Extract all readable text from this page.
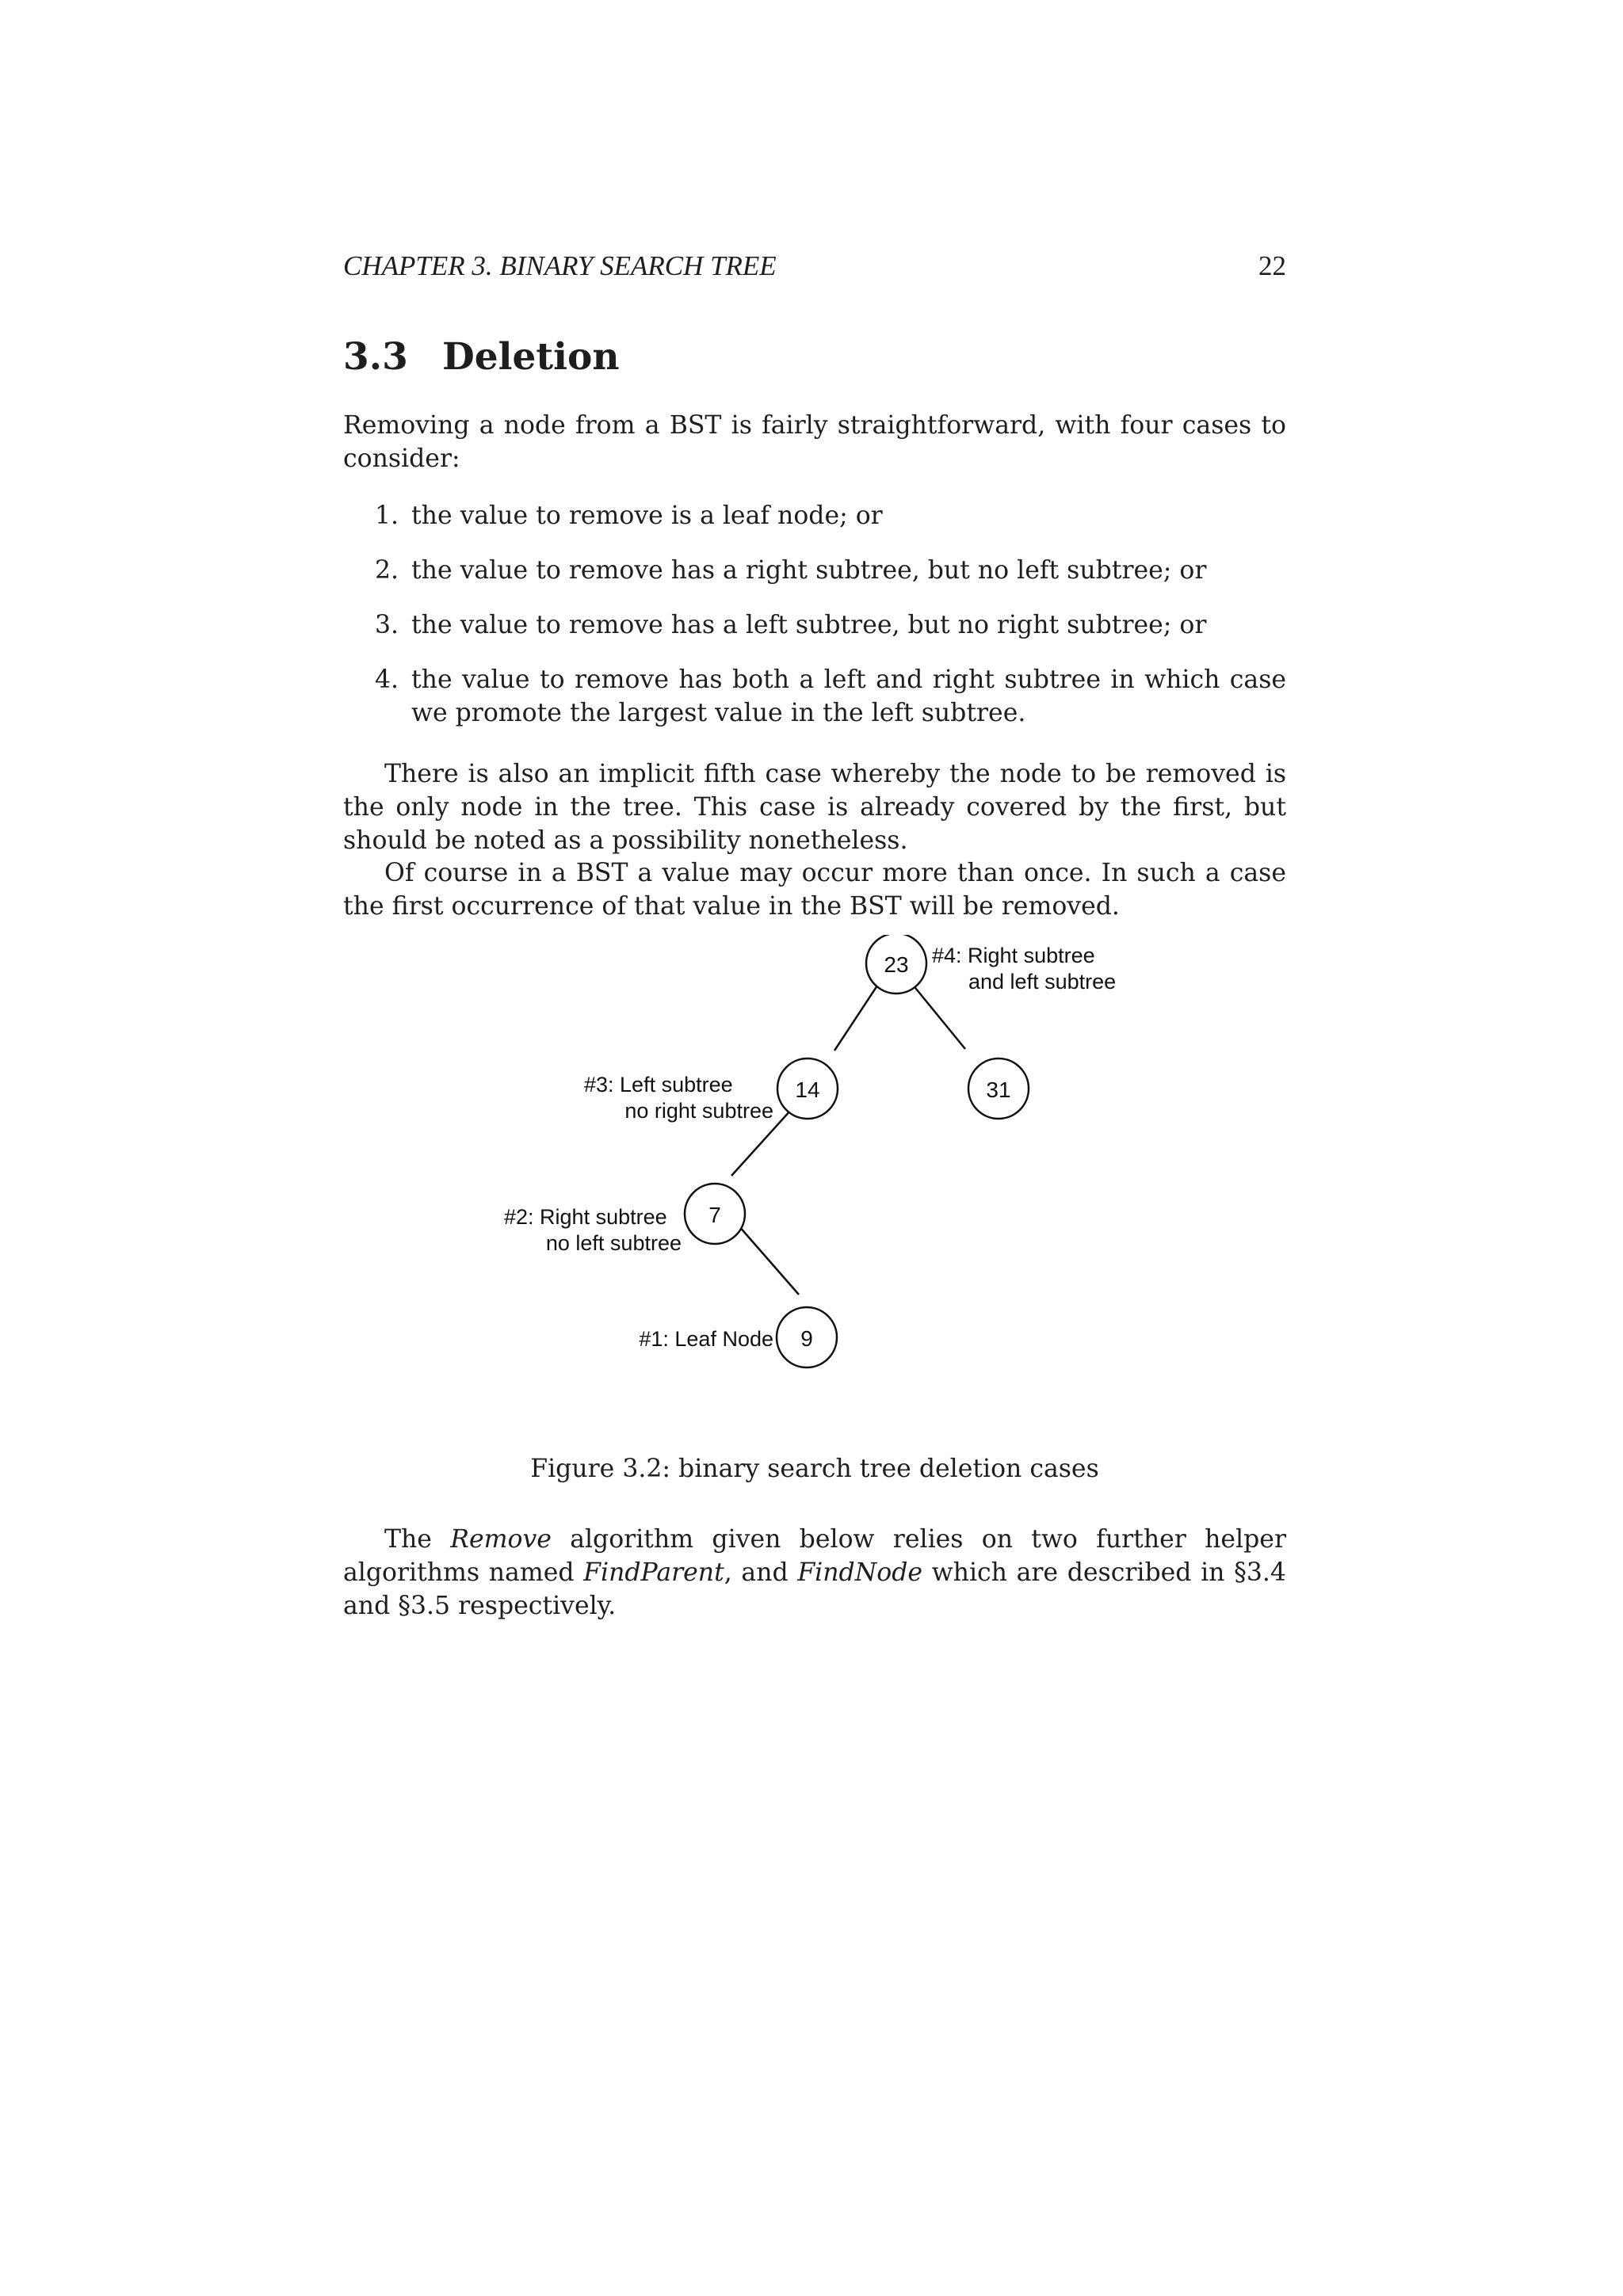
CHAPTER 3. BINARY SEARCH TREE	22
3.3 Deletion

Removing a node from a BST is fairly straightforward, with four cases to consider:

1. the value to remove is a leaf node; or
2. the value to remove has a right subtree, but no left subtree; or
3. the value to remove has a left subtree, but no right subtree; or
4. the value to remove has both a left and right subtree in which case we promote the largest value in the left subtree.

There is also an implicit fifth case whereby the node to be removed is the only node in the tree. This case is already covered by the first, but should be noted as a possibility nonetheless.

Of course in a BST a value may occur more than once. In such a case the first occurrence of that value in the BST will be removed.

23
14	31
7
9
#4: Right subtree
and left subtree
#3: Left subtree
no right subtree
#2: Right subtree
no left subtree
#1: Leaf Node
Figure 3.2: binary search tree deletion cases

The Remove algorithm given below relies on two further helper algorithms named FindParent, and FindNode which are described in §3.4 and §3.5 respectively.
